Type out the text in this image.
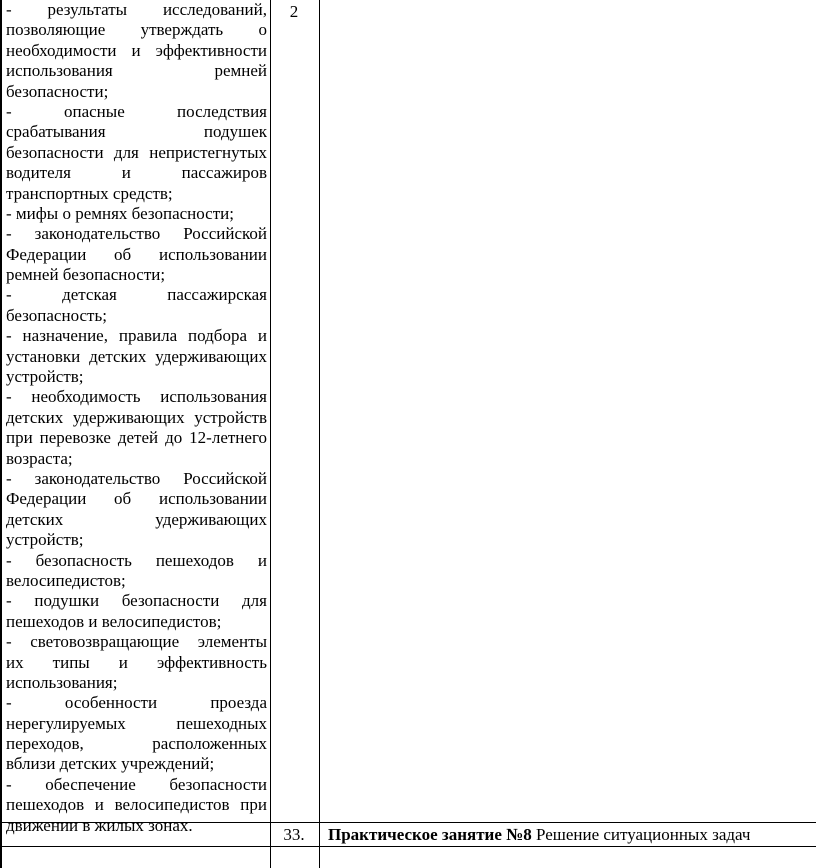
- результаты исследований,
позволяющие утверждать о
необходимости и эффективности
использования ремней
безопасности;
- опасные последствия
срабатывания подушек
безопасности для непристегнутых
водителя и пассажиров
транспортных средств;
- мифы о ремнях безопасности;
- законодательство Российской
Федерации об использовании
ремней безопасности;
- детская пассажирская
безопасность;
- назначение, правила подбора и
установки детских удерживающих
устройств;
- необходимость использования
детских удерживающих устройств
при перевозке детей до 12-летнего
возраста;
- законодательство Российской
Федерации об использовании
детских удерживающих
устройств;
- безопасность пешеходов и
велосипедистов;
- подушки безопасности для
пешеходов и велосипедистов;
- световозвращающие элементы
их типы и эффективность
использования;
- особенности проезда
нерегулируемых пешеходных
переходов, расположенных
вблизи детских учреждений;
- обеспечение безопасности
пешеходов и велосипедистов при
движении в жилых зонах.
2
33.	Практическое занятие №8 Решение ситуационных задач
